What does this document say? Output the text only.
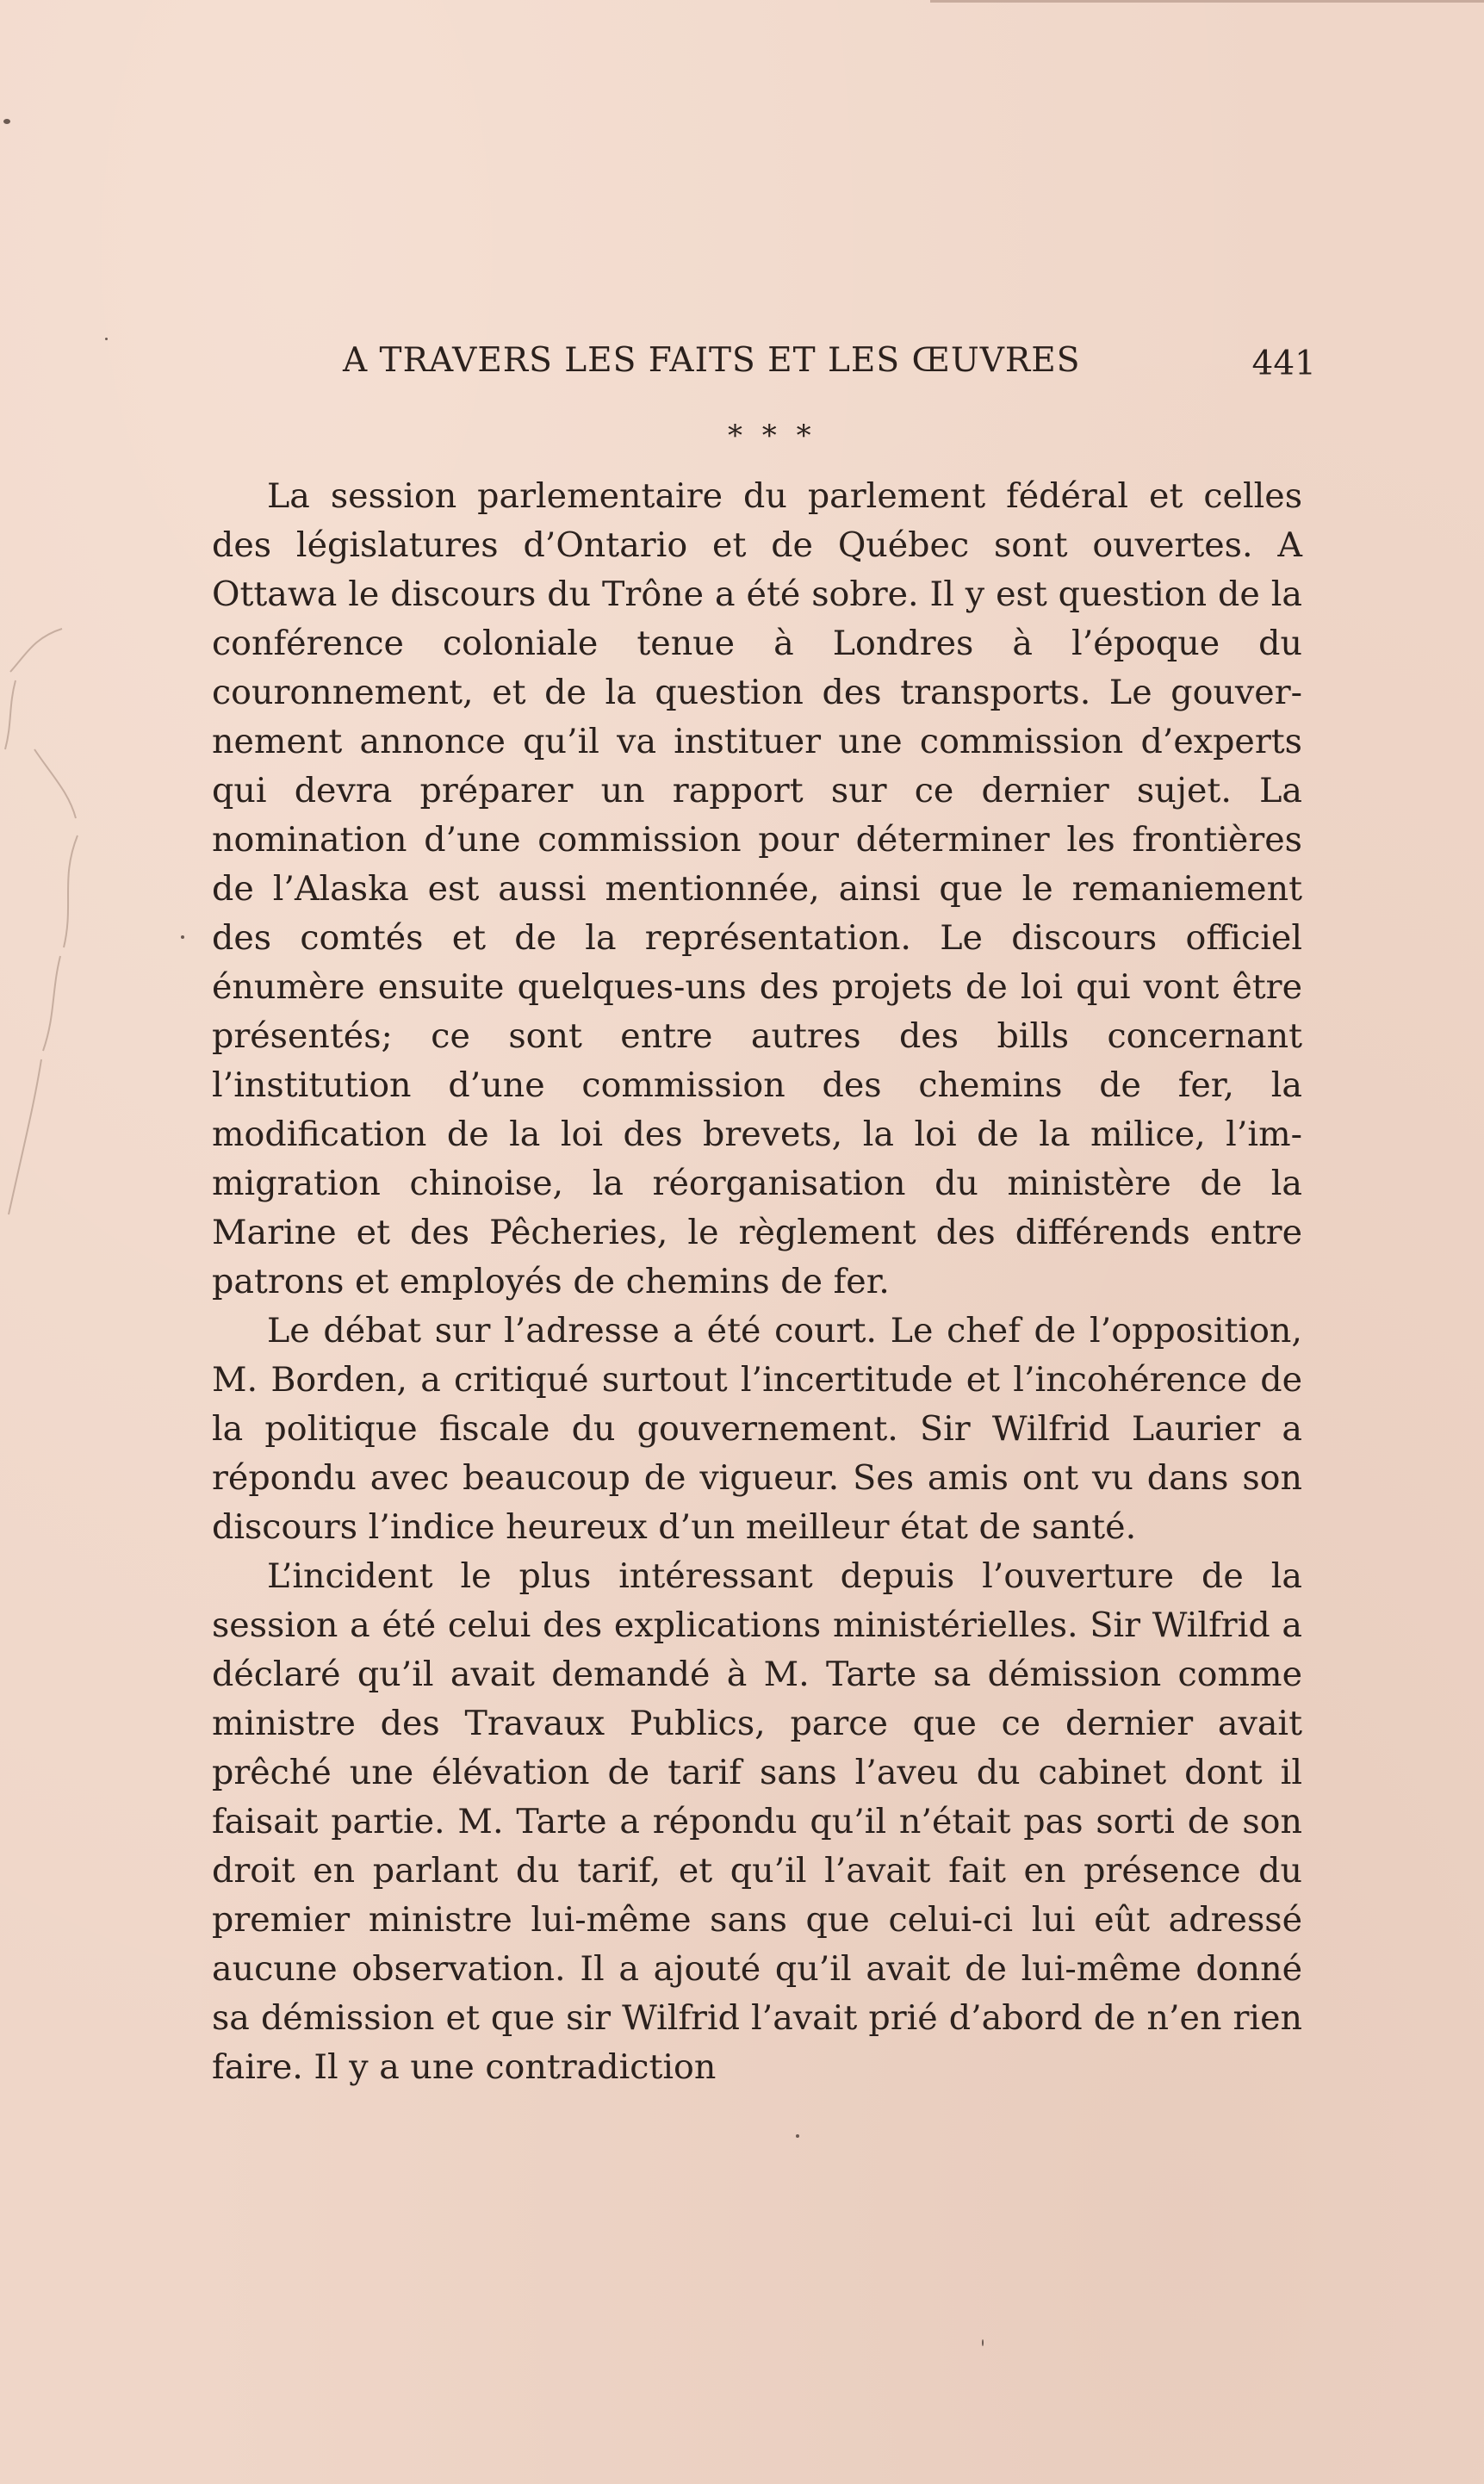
A TRAVERS LES FAITS ET LES ŒUVRES	441
* * *

La session parlementaire du parlement fédéral et celles des législatures d’Ontario et de Québec sont ouvertes. A Ottawa le discours du Trône a été sobre. Il y est question de la conférence coloniale tenue à Londres à l’époque du couronnement, et de la question des transports. Le gouvernement annonce qu’il va instituer une commission d’experts qui devra préparer un rapport sur ce dernier sujet. La nomination d’une commission pour déterminer les frontières de l’Alaska est aussi mentionnée, ainsi que le remaniement des comtés et de la représentation. Le discours officiel énumère ensuite quelques-uns des projets de loi qui vont être présentés; ce sont entre autres des bills concernant l’institution d’une commission des chemins de fer, la modification de la loi des brevets, la loi de la milice, l’immigration chinoise, la réorganisation du ministère de la Marine et des Pêcheries, le règlement des différends entre patrons et employés de chemins de fer.

Le débat sur l’adresse a été court. Le chef de l’opposition, M. Borden, a critiqué surtout l’incertitude et l’incohérence de la politique fiscale du gouvernement. Sir Wilfrid Laurier a répondu avec beaucoup de vigueur. Ses amis ont vu dans son discours l’indice heureux d’un meilleur état de santé.

L’incident le plus intéressant depuis l’ouverture de la session a été celui des explications ministérielles. Sir Wilfrid a déclaré qu’il avait demandé à M. Tarte sa démission comme ministre des Travaux Publics, parce que ce dernier avait prêché une élévation de tarif sans l’aveu du cabinet dont il faisait partie. M. Tarte a répondu qu’il n’était pas sorti de son droit en parlant du tarif, et qu’il l’avait fait en présence du premier ministre lui-même sans que celui-ci lui eût adressé aucune observation. Il a ajouté qu’il avait de lui-même donné sa démission et que sir Wilfrid l’avait prié d’abord de n’en rien faire. Il y a une contradiction
